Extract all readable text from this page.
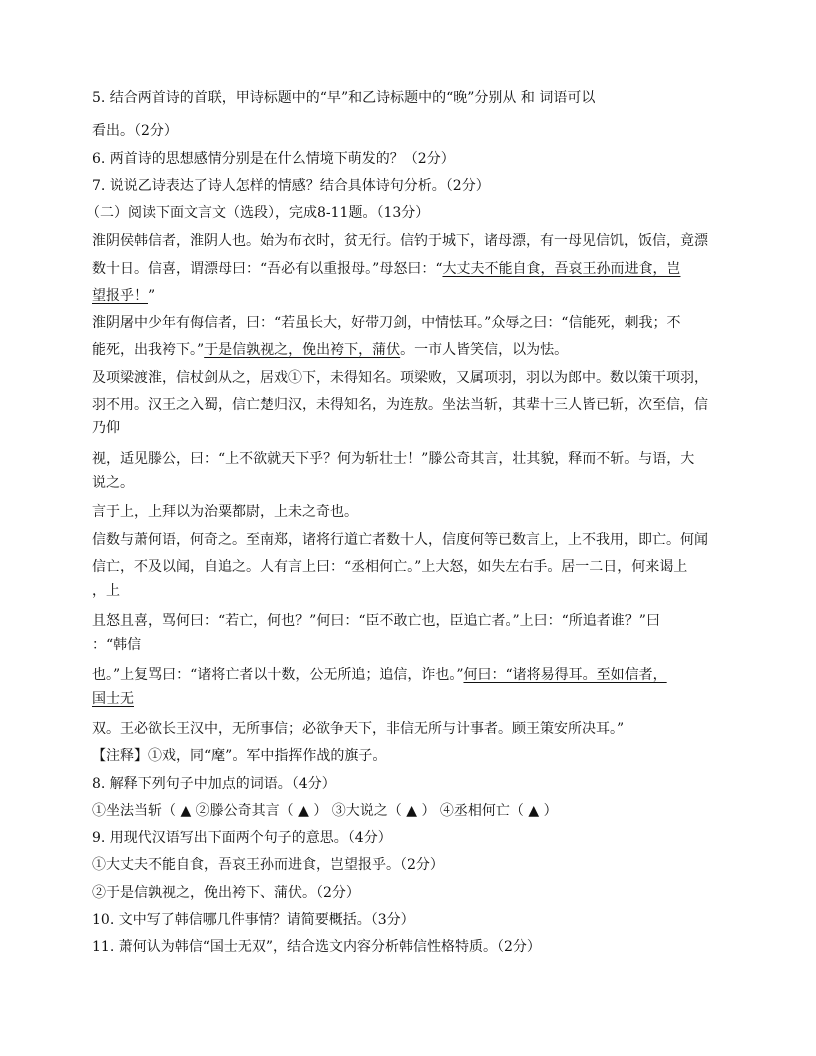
5. 结合两首诗的首联，甲诗标题中的“早”和乙诗标题中的“晚”分别从 和 词语可以
看出。（2分）
6. 两首诗的思想感情分别是在什么情境下萌发的？（2分）
7. 说说乙诗表达了诗人怎样的情感？结合具体诗句分析。（2分）
（二）阅读下面文言文（选段），完成8-11题。（13分）
淮阴侯韩信者，淮阴人也。始为布衣时，贫无行。信钓于城下，诸母漂，有一母见信饥，饭信，竟漂
数十日。信喜，谓漂母曰：“吾必有以重报母。”母怒曰：“大丈夫不能自食，吾哀王孙而进食，岂
望报乎！”
淮阴屠中少年有侮信者，曰：“若虽长大，好带刀剑，中情怯耳。”众辱之曰：“信能死，刺我；不
能死，出我袴下。”于是信孰视之，俛出袴下，蒲伏。一市人皆笑信，以为怯。
及项梁渡淮，信杖剑从之，居戏①下，未得知名。项梁败，又属项羽，羽以为郎中。数以策干项羽，
羽不用。汉王之入蜀，信亡楚归汉，未得知名，为连敖。坐法当斩，其辈十三人皆已斩，次至信，信
乃仰
视，适见滕公，曰：“上不欲就天下乎？何为斩壮士！”滕公奇其言，壮其貌，释而不斩。与语，大
说之。
言于上，上拜以为治粟都尉，上未之奇也。
信数与萧何语，何奇之。至南郑，诸将行道亡者数十人，信度何等已数言上，上不我用，即亡。何闻
信亡，不及以闻，自追之。人有言上曰：“丞相何亡。”上大怒，如失左右手。居一二日，何来谒上
，上
且怒且喜，骂何曰：“若亡，何也？”何曰：“臣不敢亡也，臣追亡者。”上曰：“所追者谁？”曰
：“韩信
也。”上复骂曰：“诸将亡者以十数，公无所追；追信，诈也。”何曰：“诸将易得耳。至如信者，
国士无
双。王必欲长王汉中，无所事信；必欲争天下，非信无所与计事者。顾王策安所决耳。”
【注释】①戏，同“麾”。军中指挥作战的旗子。
8. 解释下列句子中加点的词语。（4分）
①坐法当斩（ ▲ ②滕公奇其言（ ▲ ） ③大说之（ ▲ ） ④丞相何亡（ ▲ ）
9. 用现代汉语写出下面两个句子的意思。（4分）
①大丈夫不能自食，吾哀王孙而进食，岂望报乎。（2分）
②于是信孰视之，俛出袴下、蒲伏。（2分）
10. 文中写了韩信哪几件事情？请简要概括。（3分）
11. 萧何认为韩信“国士无双”，结合选文内容分析韩信性格特质。（2分）
